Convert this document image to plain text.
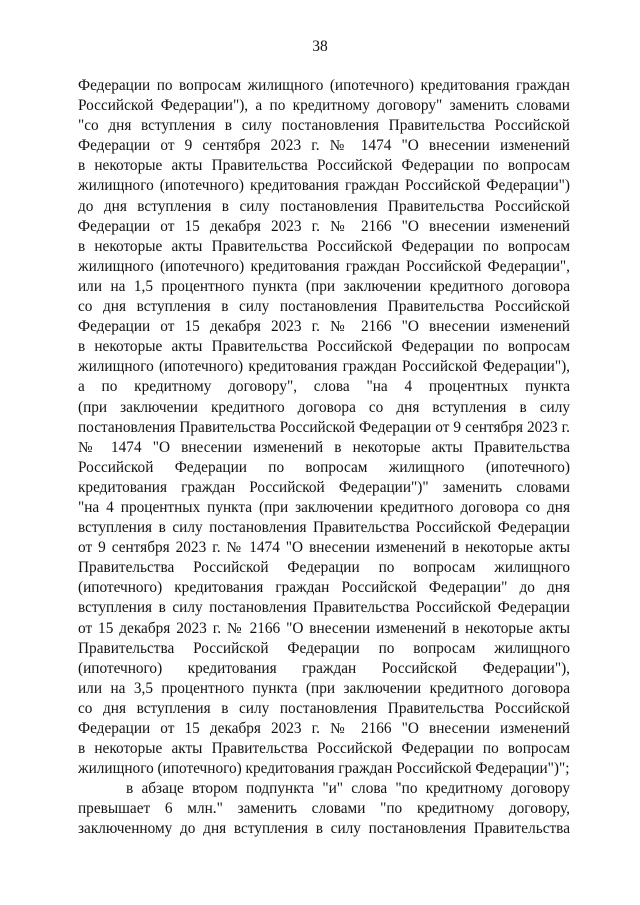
38
Федерации по вопросам жилищного (ипотечного) кредитования граждан
Российской Федерации"), а по кредитному договору" заменить словами
"со дня вступления в силу постановления Правительства Российской
Федерации от 9 сентября 2023 г. № 1474 "О внесении изменений
в некоторые акты Правительства Российской Федерации по вопросам
жилищного (ипотечного) кредитования граждан Российской Федерации")
до дня вступления в силу постановления Правительства Российской
Федерации от 15 декабря 2023 г. № 2166 "О внесении изменений
в некоторые акты Правительства Российской Федерации по вопросам
жилищного (ипотечного) кредитования граждан Российской Федерации",
или на 1,5 процентного пункта (при заключении кредитного договора
со дня вступления в силу постановления Правительства Российской
Федерации от 15 декабря 2023 г. № 2166 "О внесении изменений
в некоторые акты Правительства Российской Федерации по вопросам
жилищного (ипотечного) кредитования граждан Российской Федерации"),
а по кредитному договору", слова "на 4 процентных пункта
(при заключении кредитного договора со дня вступления в силу
постановления Правительства Российской Федерации от 9 сентября 2023 г.
№ 1474 "О внесении изменений в некоторые акты Правительства
Российской Федерации по вопросам жилищного (ипотечного)
кредитования граждан Российской Федерации")" заменить словами
"на 4 процентных пункта (при заключении кредитного договора со дня
вступления в силу постановления Правительства Российской Федерации
от 9 сентября 2023 г. № 1474 "О внесении изменений в некоторые акты
Правительства Российской Федерации по вопросам жилищного
(ипотечного) кредитования граждан Российской Федерации" до дня
вступления в силу постановления Правительства Российской Федерации
от 15 декабря 2023 г. № 2166 "О внесении изменений в некоторые акты
Правительства Российской Федерации по вопросам жилищного
(ипотечного) кредитования граждан Российской Федерации"),
или на 3,5 процентного пункта (при заключении кредитного договора
со дня вступления в силу постановления Правительства Российской
Федерации от 15 декабря 2023 г. № 2166 "О внесении изменений
в некоторые акты Правительства Российской Федерации по вопросам
жилищного (ипотечного) кредитования граждан Российской Федерации")";
в абзаце втором подпункта "и" слова "по кредитному договору
превышает 6 млн." заменить словами "по кредитному договору,
заключенному до дня вступления в силу постановления Правительства
